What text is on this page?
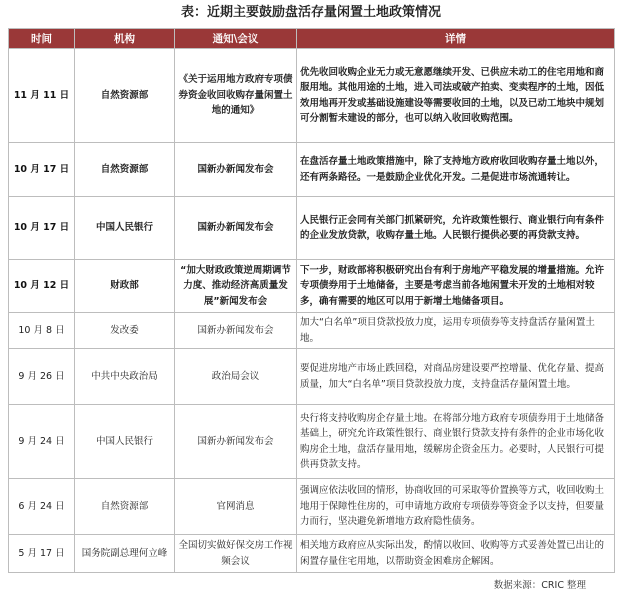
表：近期主要鼓励盘活存量闲置土地政策情况
时间	机构	通知\会议	详情
11 月 11 日	自然资源部	《关于运用地方政府专项债券资金收回收购存量闲置土地的通知》	优先收回收购企业无力或无意愿继续开发、已供应未动工的住宅用地和商服用地。其他用途的土地，进入司法或破产拍卖、变卖程序的土地，因低效用地再开发或基础设施建设等需要收回的土地，以及已动工地块中规划可分割暂未建设的部分，也可以纳入收回收购范围。
10 月 17 日	自然资源部	国新办新闻发布会	在盘活存量土地政策措施中，除了支持地方政府收回收购存量土地以外，还有两条路径。一是鼓励企业优化开发。二是促进市场流通转让。
10 月 17 日	中国人民银行	国新办新闻发布会	人民银行正会同有关部门抓紧研究，允许政策性银行、商业银行向有条件的企业发放贷款，收购存量土地。人民银行提供必要的再贷款支持。
10 月 12 日	财政部	“加大财政政策逆周期调节力度、推动经济高质量发展”新闻发布会	下一步，财政部将积极研究出台有利于房地产平稳发展的增量措施。允许专项债券用于土地储备，主要是考虑当前各地闲置未开发的土地相对较多，确有需要的地区可以用于新增土地储备项目。
10 月 8 日	发改委	国新办新闻发布会	加大“白名单”项目贷款投放力度，运用专项债券等支持盘活存量闲置土地。
9 月 26 日	中共中央政治局	政治局会议	要促进房地产市场止跌回稳，对商品房建设要严控增量、优化存量、提高质量，加大“白名单”项目贷款投放力度，支持盘活存量闲置土地。
9 月 24 日	中国人民银行	国新办新闻发布会	央行将支持收购房企存量土地。在将部分地方政府专项债券用于土地储备基础上，研究允许政策性银行、商业银行贷款支持有条件的企业市场化收购房企土地，盘活存量用地，缓解房企资金压力。必要时，人民银行可提供再贷款支持。
6 月 24 日	自然资源部	官网消息	强调应依法收回的情形，协商收回的可采取等价置换等方式，收回收购土地用于保障性住房的，可申请地方政府专项债券等资金予以支持，但要量力而行，坚决避免新增地方政府隐性债务。
5 月 17 日	国务院副总理何立峰	全国切实做好保交房工作视频会议	相关地方政府应从实际出发，酌情以收回、收购等方式妥善处置已出让的闲置存量住宅用地，以帮助资金困难房企解困。
数据来源：CRIC 整理
